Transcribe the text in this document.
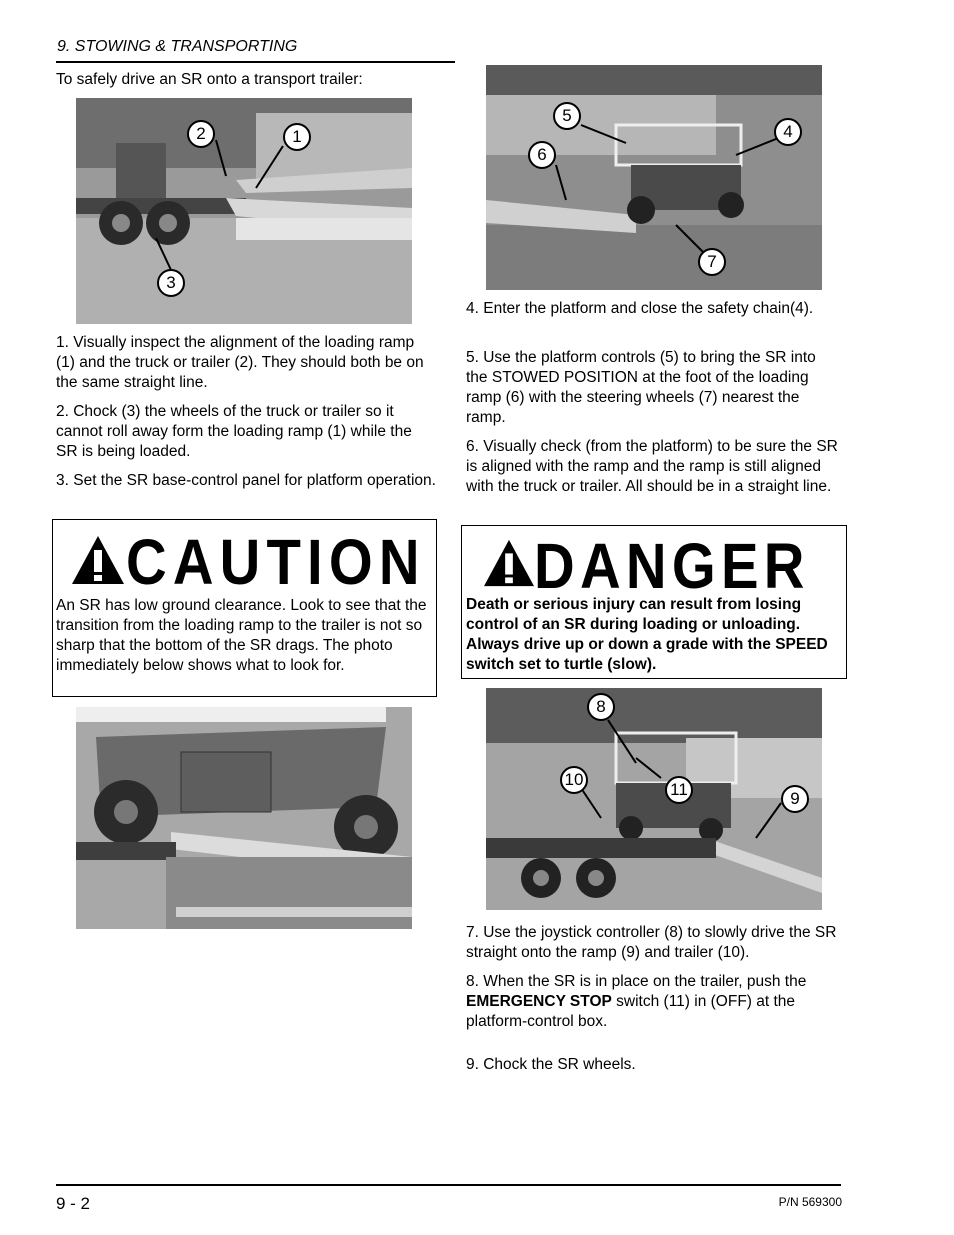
9. STOWING & TRANSPORTING

To safely drive an SR onto a transport trailer:

2	1
3

1. Visually inspect the alignment of the loading ramp (1) and the truck or trailer (2). They should both be on the same straight line.

2. Chock (3) the wheels of the truck or trailer so it cannot roll away form the loading ramp (1) while the SR is being loaded.

3. Set the SR base-control panel for platform operation.

CAUTION

An SR has low ground clearance. Look to see that the transition from the loading ramp to the trailer is not so sharp that the bottom of the SR drags. The photo immediately below shows what to look for.

5
4
6
7

4. Enter the platform and close the safety chain(4).

5. Use the platform controls (5) to bring the SR into the STOWED POSITION at the foot of the loading ramp (6) with the steering wheels (7) nearest the ramp.

6. Visually check (from the platform) to be sure the SR is aligned with the ramp and the ramp is still aligned with the truck or trailer. All should be in a straight line.

DANGER

Death or serious injury can result from losing control of an SR during loading or unloading. Always drive up or down a grade with the SPEED switch set to turtle (slow).

8
10
11	9

7. Use the joystick controller (8) to slowly drive the SR straight onto the ramp (9) and trailer (10).

8. When the SR is in place on the trailer, push the EMERGENCY STOP switch (11) in (OFF) at the platform-control box.

9. Chock the SR wheels.

9 - 2	P/N 569300
